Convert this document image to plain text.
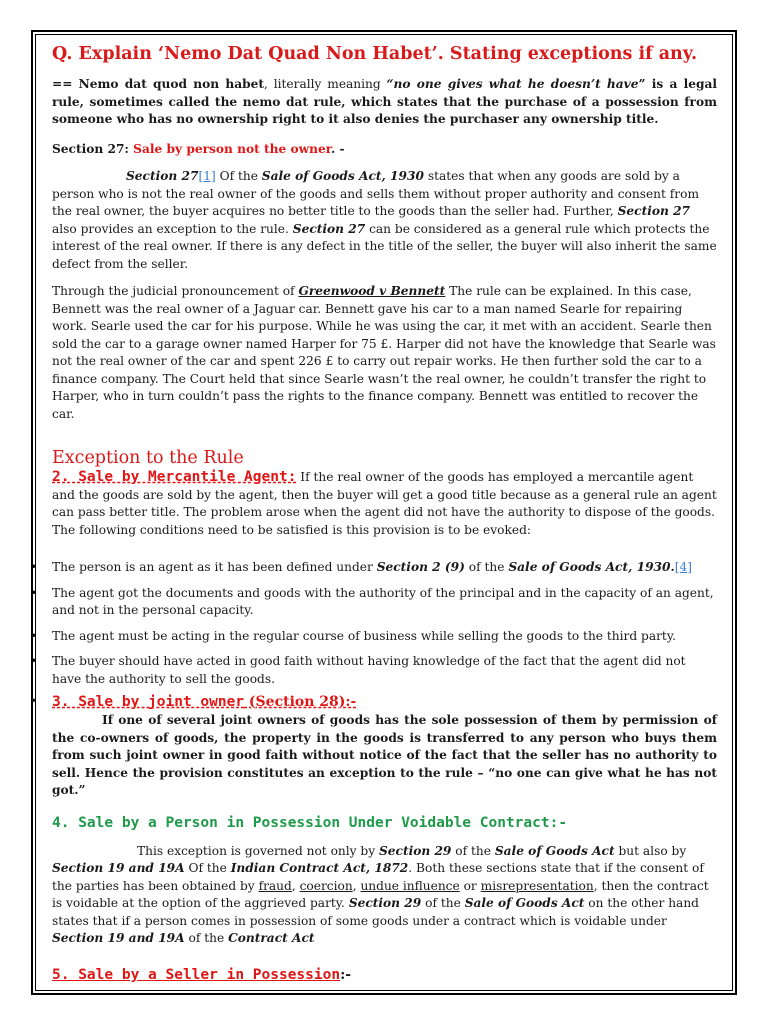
Q. Explain ‘Nemo Dat Quad Non Habet’. Stating exceptions if any.

== Nemo dat quod non habet, literally meaning “no one gives what he doesn’t have” is a legal rule, sometimes called the nemo dat rule, which states that the purchase of a possession from someone who has no ownership right to it also denies the purchaser any ownership title.

Section 27: Sale by person not the owner. -

Section 27[1] Of the Sale of Goods Act, 1930 states that when any goods are sold by a person who is not the real owner of the goods and sells them without proper authority and consent from the real owner, the buyer acquires no better title to the goods than the seller had. Further, Section 27 also provides an exception to the rule. Section 27 can be considered as a general rule which protects the interest of the real owner. If there is any defect in the title of the seller, the buyer will also inherit the same defect from the seller.

Through the judicial pronouncement of Greenwood v Bennett The rule can be explained. In this case, Bennett was the real owner of a Jaguar car. Bennett gave his car to a man named Searle for repairing work. Searle used the car for his purpose. While he was using the car, it met with an accident. Searle then sold the car to a garage owner named Harper for 75 £. Harper did not have the knowledge that Searle was not the real owner of the car and spent 226 £ to carry out repair works. He then further sold the car to a finance company. The Court held that since Searle wasn’t the real owner, he couldn’t transfer the right to Harper, who in turn couldn’t pass the rights to the finance company. Bennett was entitled to recover the car.

Exception to the Rule

2. Sale by Mercantile Agent: If the real owner of the goods has employed a mercantile agent and the goods are sold by the agent, then the buyer will get a good title because as a general rule an agent can pass better title. The problem arose when the agent did not have the authority to dispose of the goods. The following conditions need to be satisfied is this provision is to be evoked:

• The person is an agent as it has been defined under Section 2 (9) of the Sale of Goods Act, 1930.[4]
• The agent got the documents and goods with the authority of the principal and in the capacity of an agent, and not in the personal capacity.
• The agent must be acting in the regular course of business while selling the goods to the third party.
• The buyer should have acted in good faith without having knowledge of the fact that the agent did not have the authority to sell the goods.

• 3. Sale by joint owner (Section 28):-

If one of several joint owners of goods has the sole possession of them by permission of the co-owners of goods, the property in the goods is transferred to any person who buys them from such joint owner in good faith without notice of the fact that the seller has no authority to sell. Hence the provision constitutes an exception to the rule – “no one can give what he has not got.”

4. Sale by a Person in Possession Under Voidable Contract:-

This exception is governed not only by Section 29 of the Sale of Goods Act but also by Section 19 and 19A Of the Indian Contract Act, 1872. Both these sections state that if the consent of the parties has been obtained by fraud, coercion, undue influence or misrepresentation, then the contract is voidable at the option of the aggrieved party. Section 29 of the Sale of Goods Act on the other hand states that if a person comes in possession of some goods under a contract which is voidable under Section 19 and 19A of the Contract Act

5. Sale by a Seller in Possession:-
